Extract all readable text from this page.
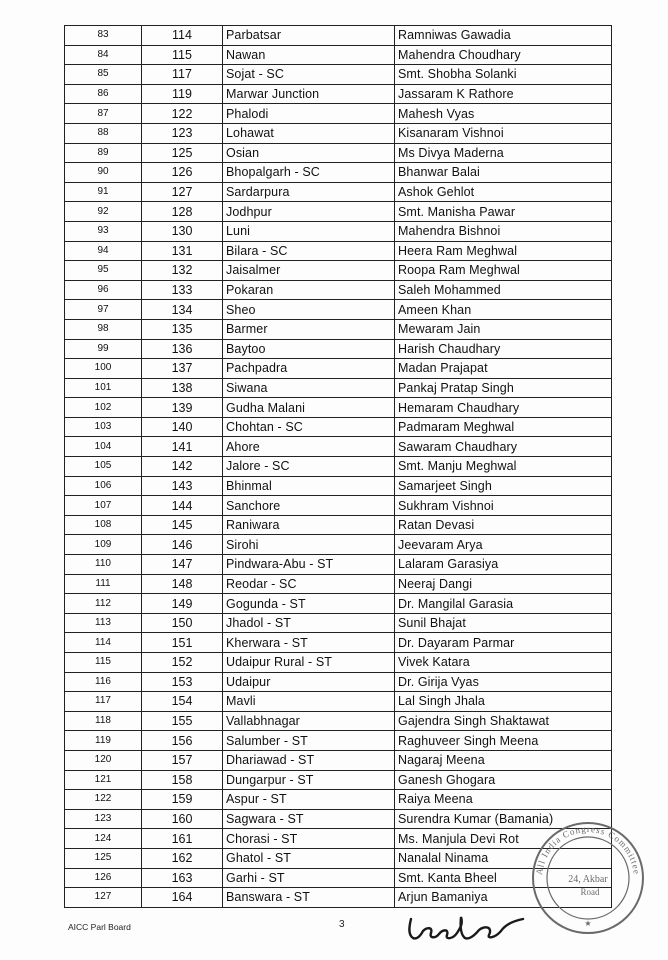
83	114	Parbatsar	Ramniwas Gawadia
84	115	Nawan	Mahendra Choudhary
85	117	Sojat - SC	Smt. Shobha Solanki
86	119	Marwar Junction	Jassaram K Rathore
87	122	Phalodi	Mahesh Vyas
88	123	Lohawat	Kisanaram Vishnoi
89	125	Osian	Ms Divya Maderna
90	126	Bhopalgarh - SC	Bhanwar Balai
91	127	Sardarpura	Ashok Gehlot
92	128	Jodhpur	Smt. Manisha Pawar
93	130	Luni	Mahendra Bishnoi
94	131	Bilara - SC	Heera Ram Meghwal
95	132	Jaisalmer	Roopa Ram Meghwal
96	133	Pokaran	Saleh Mohammed
97	134	Sheo	Ameen Khan
98	135	Barmer	Mewaram Jain
99	136	Baytoo	Harish Chaudhary
100	137	Pachpadra	Madan Prajapat
101	138	Siwana	Pankaj Pratap Singh
102	139	Gudha Malani	Hemaram Chaudhary
103	140	Chohtan - SC	Padmaram Meghwal
104	141	Ahore	Sawaram Chaudhary
105	142	Jalore - SC	Smt. Manju Meghwal
106	143	Bhinmal	Samarjeet Singh
107	144	Sanchore	Sukhram Vishnoi
108	145	Raniwara	Ratan Devasi
109	146	Sirohi	Jeevaram Arya
110	147	Pindwara-Abu - ST	Lalaram Garasiya
111	148	Reodar - SC	Neeraj Dangi
112	149	Gogunda - ST	Dr. Mangilal Garasia
113	150	Jhadol - ST	Sunil Bhajat
114	151	Kherwara - ST	Dr. Dayaram Parmar
115	152	Udaipur Rural - ST	Vivek Katara
116	153	Udaipur	Dr. Girija Vyas
117	154	Mavli	Lal Singh Jhala
118	155	Vallabhnagar	Gajendra Singh Shaktawat
119	156	Salumber - ST	Raghuveer Singh Meena
120	157	Dhariawad - ST	Nagaraj Meena
121	158	Dungarpur - ST	Ganesh Ghogara
122	159	Aspur - ST	Raiya Meena
123	160	Sagwara - ST	Surendra Kumar (Bamania)
124	161	Chorasi - ST	Ms. Manjula Devi Rot
125	162	Ghatol - ST	Nanalal Ninama
126	163	Garhi - ST	Smt. Kanta Bheel
127	164	Banswara - ST	Arjun Bamaniya
AICC Parl Board	3
All India Congress Committee
24, Akbar
Road
★
